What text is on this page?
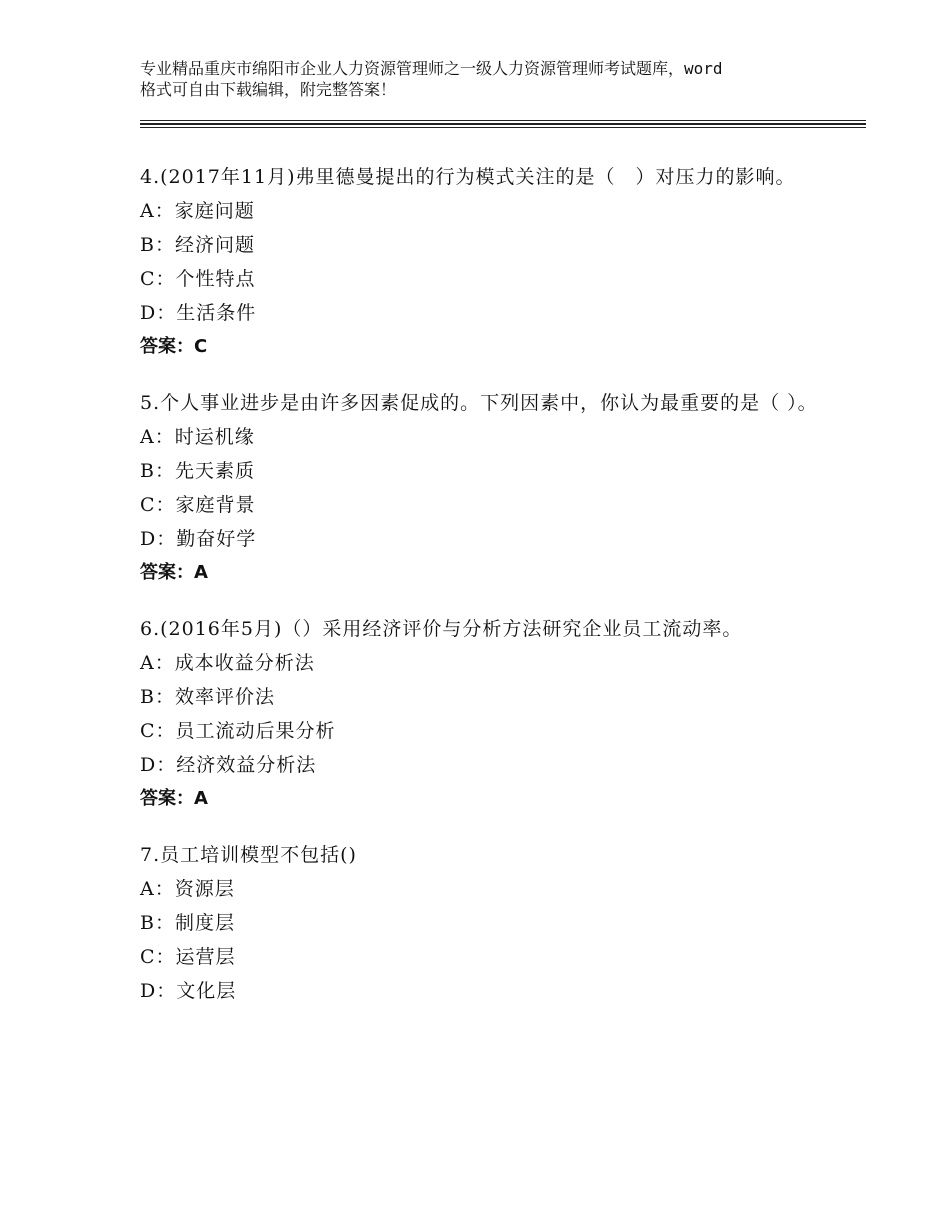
专业精品重庆市绵阳市企业人力资源管理师之一级人力资源管理师考试题库，word
格式可自由下载编辑，附完整答案！
4.(2017年11月)弗里德曼提出的行为模式关注的是（　）对压力的影响。
A：家庭问题
B：经济问题
C：个性特点
D：生活条件
答案：C
5.个人事业进步是由许多因素促成的。下列因素中，你认为最重要的是（ ）。
A：时运机缘
B：先天素质
C：家庭背景
D：勤奋好学
答案：A
6.(2016年5月)（）采用经济评价与分析方法研究企业员工流动率。
A：成本收益分析法
B：效率评价法
C：员工流动后果分析
D：经济效益分析法
答案：A
7.员工培训模型不包括()
A：资源层
B：制度层
C：运营层
D：文化层
